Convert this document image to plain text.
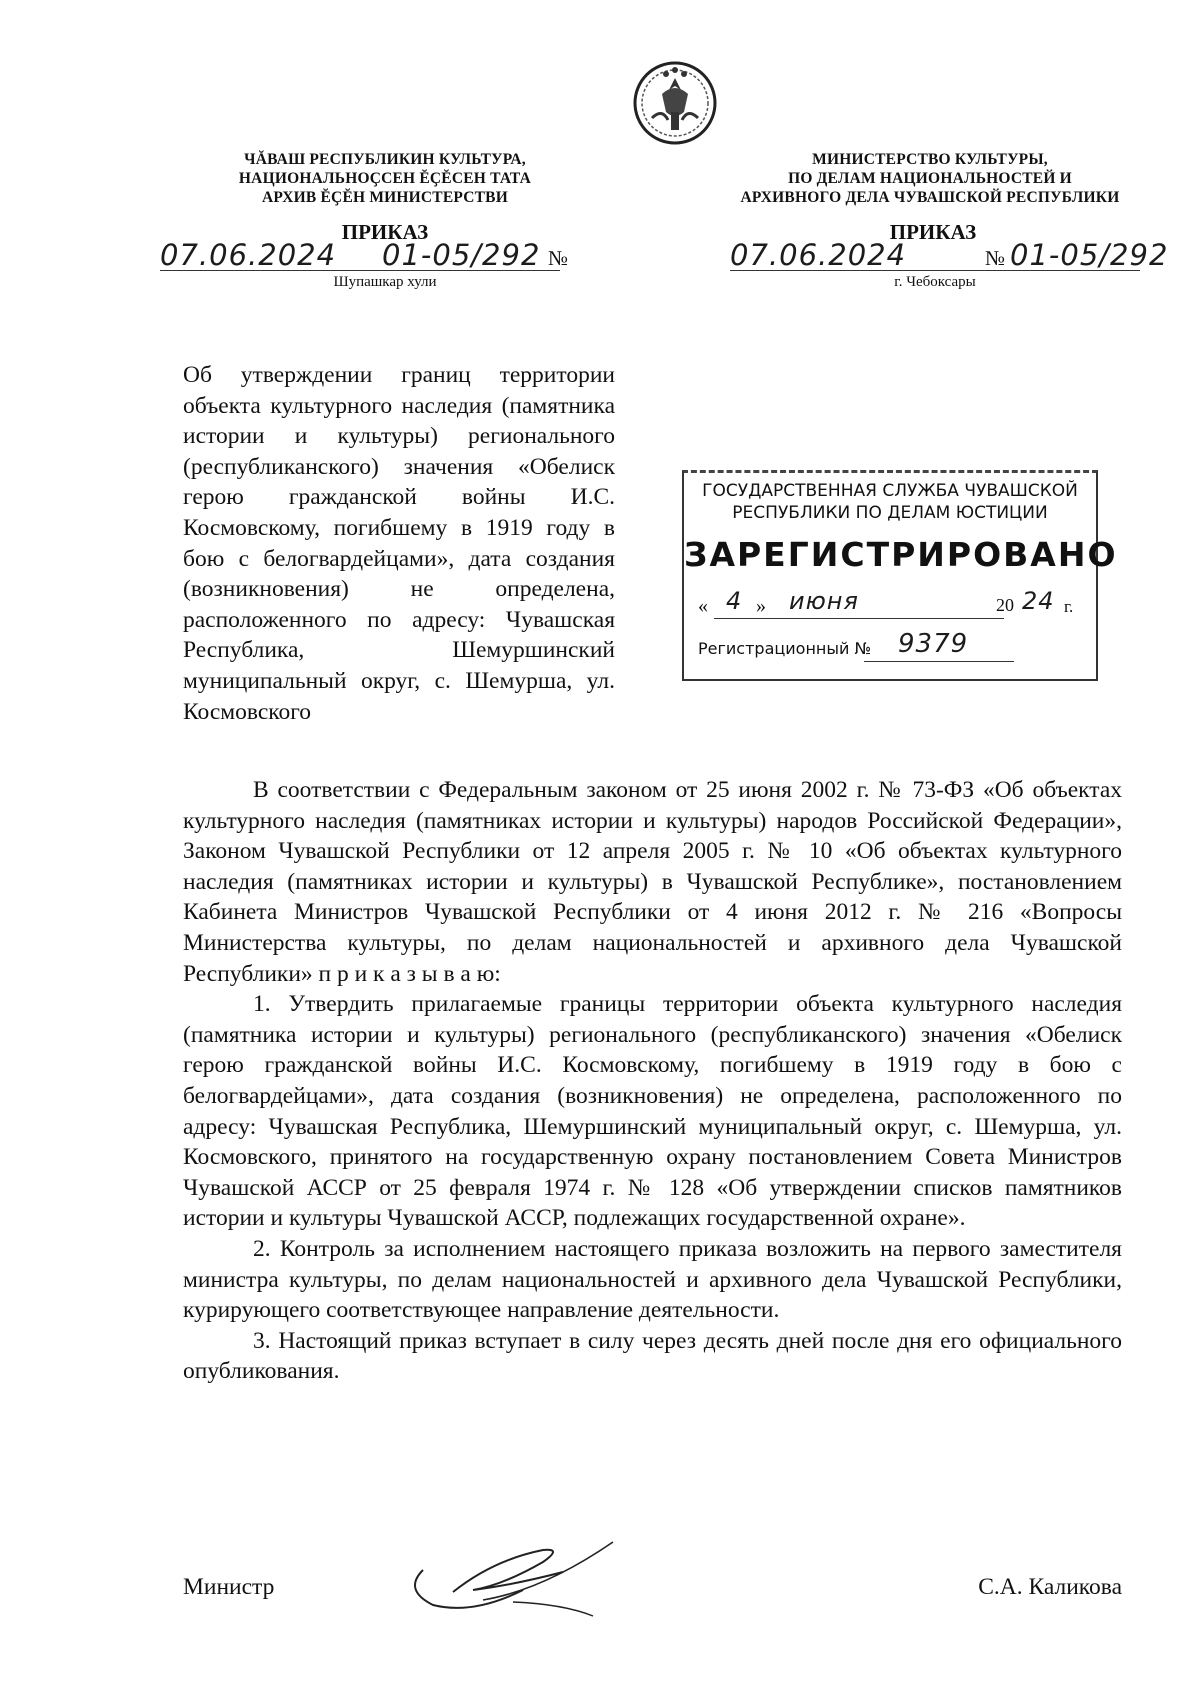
ЧĂВАШ РЕСПУБЛИКИН КУЛЬТУРА,
НАЦИОНАЛЬНОҪСЕН ĔҪĔСЕН ТАТА
АРХИВ ĔҪĔН МИНИСТЕРСТВИ
ПРИКАЗ
07.06.2024 01-05/292 №
Шупашкар хули
МИНИСТЕРСТВО КУЛЬТУРЫ,
ПО ДЕЛАМ НАЦИОНАЛЬНОСТЕЙ И
АРХИВНОГО ДЕЛА ЧУВАШСКОЙ РЕСПУБЛИКИ
ПРИКАЗ
07.06.2024	№ 01-05/292
г. Чебоксары

Об утверждении границ территории объекта культурного наследия (памятника истории и культуры) регионального (республиканского) значения «Обелиск герою гражданской войны И.С. Космовскому, погибшему в 1919 году в бою с белогвардейцами», дата создания (возникновения) не определена, расположенного по адресу: Чувашская Республика, Шемуршинский муниципальный округ, с. Шемурша, ул. Космовского

ГОСУДАРСТВЕННАЯ СЛУЖБА ЧУВАШСКОЙ
РЕСПУБЛИКИ ПО ДЕЛАМ ЮСТИЦИИ
ЗАРЕГИСТРИРОВАНО
« 4 » июня	20 24 г.
Регистрационный № 9379

В соответствии с Федеральным законом от 25 июня 2002 г. № 73-ФЗ «Об объектах культурного наследия (памятниках истории и культуры) народов Российской Федерации», Законом Чувашской Республики от 12 апреля 2005 г. № 10 «Об объектах культурного наследия (памятниках истории и культуры) в Чувашской Республике», постановлением Кабинета Министров Чувашской Республики от 4 июня 2012 г. № 216 «Вопросы Министерства культуры, по делам национальностей и архивного дела Чувашской Республики» п р и к а з ы в а ю:

1. Утвердить прилагаемые границы территории объекта культурного наследия (памятника истории и культуры) регионального (республиканского) значения «Обелиск герою гражданской войны И.С. Космовскому, погибшему в 1919 году в бою с белогвардейцами», дата создания (возникновения) не определена, расположенного по адресу: Чувашская Республика, Шемуршинский муниципальный округ, с. Шемурша, ул. Космовского, принятого на государственную охрану постановлением Совета Министров Чувашской АССР от 25 февраля 1974 г. № 128 «Об утверждении списков памятников истории и культуры Чувашской АССР, подлежащих государственной охране».

2. Контроль за исполнением настоящего приказа возложить на первого заместителя министра культуры, по делам национальностей и архивного дела Чувашской Республики, курирующего соответствующее направление деятельности.

3. Настоящий приказ вступает в силу через десять дней после дня его официального опубликования.

Министр	С.А. Каликова
